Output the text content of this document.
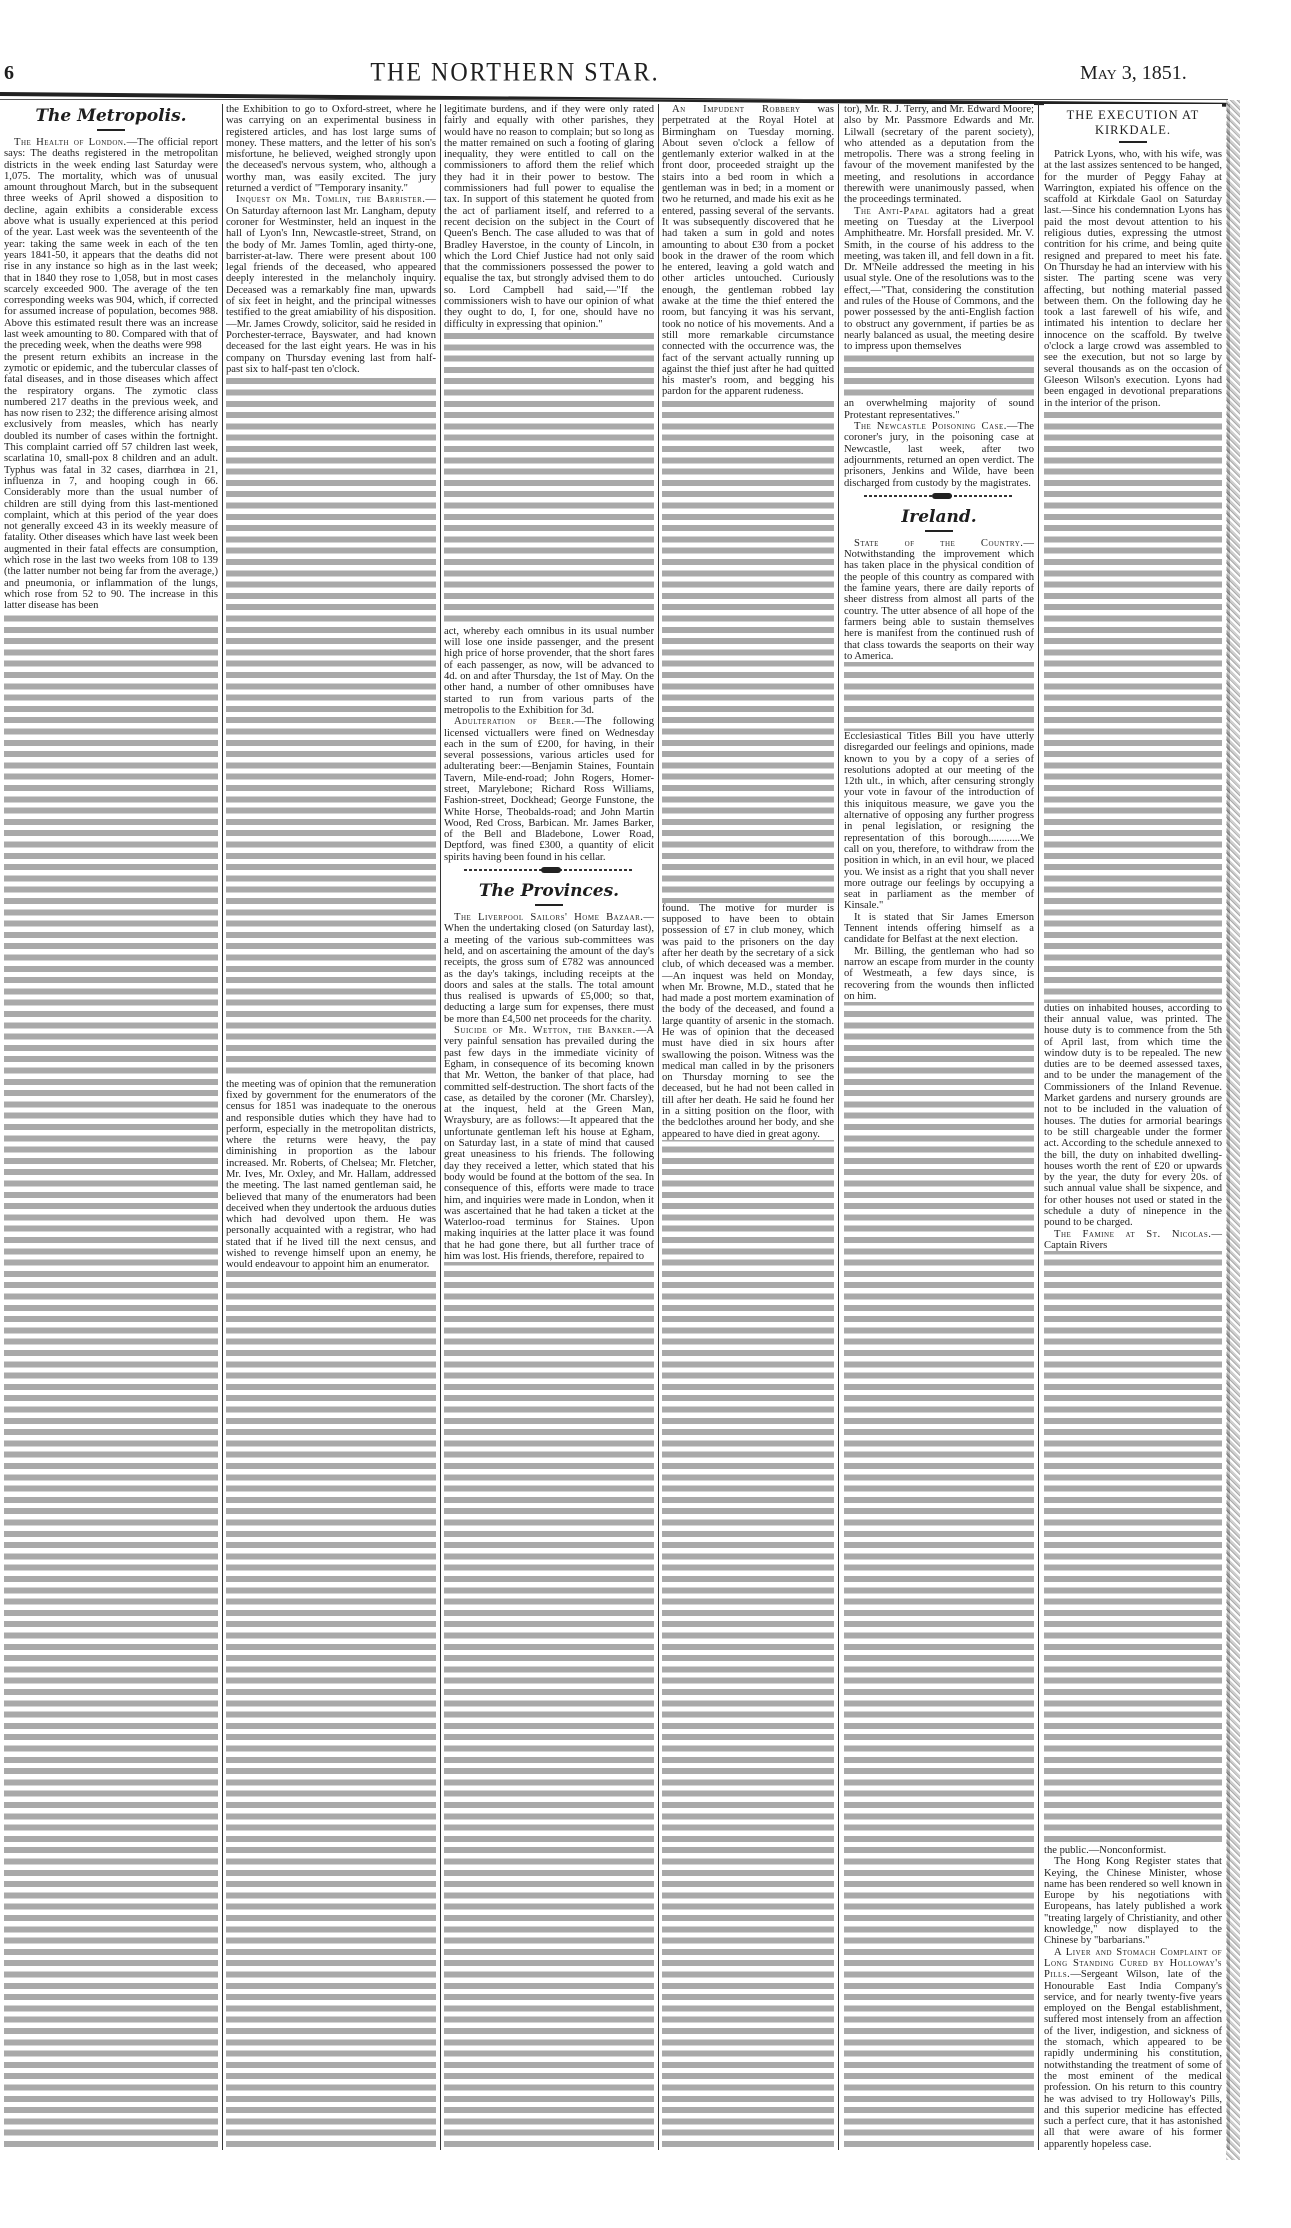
6	THE NORTHERN STAR.	May 3, 1851.
The Metropolis.

The Health of London.—The official report says: The deaths registered in the metropolitan districts in the week ending last Saturday were 1,075. The mortality, which was of unusual amount throughout March, but in the subsequent three weeks of April showed a disposition to decline, again exhibits a considerable excess above what is usually experienced at this period of the year. Last week was the seventeenth of the year: taking the same week in each of the ten years 1841-50, it appears that the deaths did not rise in any instance so high as in the last week; that in 1840 they rose to 1,058, but in most cases scarcely exceeded 900. The average of the ten corresponding weeks was 904, which, if corrected for assumed increase of population, becomes 988. Above this estimated result there was an increase last week amounting to 80. Compared with that of the preceding week, when the deaths were 998

the present return exhibits an increase in the zymotic or epidemic, and the tubercular classes of fatal diseases, and in those diseases which affect the respiratory organs. The zymotic class numbered 217 deaths in the previous week, and has now risen to 232; the difference arising almost exclusively from measles, which has nearly doubled its number of cases within the fortnight. This complaint carried off 57 children last week, scarlatina 10, small-pox 8 children and an adult. Typhus was fatal in 32 cases, diarrhœa in 21, influenza in 7, and hooping cough in 66. Considerably more than the usual number of children are still dying from this last-mentioned complaint, which at this period of the year does not generally exceed 43 in its weekly measure of fatality. Other diseases which have last week been augmented in their fatal effects are consumption, which rose in the last two weeks from 108 to 139 (the latter number not being far from the average,) and pneumonia, or inflammation of the lungs, which rose from 52 to 90. The increase in this latter disease has been

the Exhibition to go to Oxford-street, where he was carrying on an experimental business in registered articles, and has lost large sums of money. These matters, and the letter of his son's misfortune, he believed, weighed strongly upon the deceased's nervous system, who, although a worthy man, was easily excited. The jury returned a verdict of "Temporary insanity."

Inquest on Mr. Tomlin, the Barrister.—On Saturday afternoon last Mr. Langham, deputy coroner for Westminster, held an inquest in the hall of Lyon's Inn, Newcastle-street, Strand, on the body of Mr. James Tomlin, aged thirty-one, barrister-at-law. There were present about 100 legal friends of the deceased, who appeared deeply interested in the melancholy inquiry. Deceased was a remarkably fine man, upwards of six feet in height, and the principal witnesses testified to the great amiability of his disposition.—Mr. James Crowdy, solicitor, said he resided in Porchester-terrace, Bayswater, and had known deceased for the last eight years. He was in his company on Thursday evening last from half-past six to half-past ten o'clock.

the meeting was of opinion that the remuneration fixed by government for the enumerators of the census for 1851 was inadequate to the onerous and responsible duties which they have had to perform, especially in the metropolitan districts, where the returns were heavy, the pay diminishing in proportion as the labour increased. Mr. Roberts, of Chelsea; Mr. Fletcher, Mr. Ives, Mr. Oxley, and Mr. Hallam, addressed the meeting. The last named gentleman said, he believed that many of the enumerators had been deceived when they undertook the arduous duties which had devolved upon them. He was personally acquainted with a registrar, who had stated that if he lived till the next census, and wished to revenge himself upon an enemy, he would endeavour to appoint him an enumerator.

legitimate burdens, and if they were only rated fairly and equally with other parishes, they would have no reason to complain; but so long as the matter remained on such a footing of glaring inequality, they were entitled to call on the commissioners to afford them the relief which they had it in their power to bestow. The commissioners had full power to equalise the tax. In support of this statement he quoted from the act of parliament itself, and referred to a recent decision on the subject in the Court of Queen's Bench. The case alluded to was that of Bradley Haverstoe, in the county of Lincoln, in which the Lord Chief Justice had not only said that the commissioners possessed the power to equalise the tax, but strongly advised them to do so. Lord Campbell had said,—"If the commissioners wish to have our opinion of what they ought to do, I, for one, should have no difficulty in expressing that opinion."

act, whereby each omnibus in its usual number will lose one inside passenger, and the present high price of horse provender, that the short fares of each passenger, as now, will be advanced to 4d. on and after Thursday, the 1st of May. On the other hand, a number of other omnibuses have started to run from various parts of the metropolis to the Exhibition for 3d.

Adulteration of Beer.—The following licensed victuallers were fined on Wednesday each in the sum of £200, for having, in their several possessions, various articles used for adulterating beer:—Benjamin Staines, Fountain Tavern, Mile-end-road; John Rogers, Homer-street, Marylebone; Richard Ross Williams, Fashion-street, Dockhead; George Funstone, the White Horse, Theobalds-road; and John Martin Wood, Red Cross, Barbican. Mr. James Barker, of the Bell and Bladebone, Lower Road, Deptford, was fined £300, a quantity of elicit spirits having been found in his cellar.

The Provinces.

The Liverpool Sailors' Home Bazaar.—When the undertaking closed (on Saturday last), a meeting of the various sub-committees was held, and on ascertaining the amount of the day's receipts, the gross sum of £782 was announced as the day's takings, including receipts at the doors and sales at the stalls. The total amount thus realised is upwards of £5,000; so that, deducting a large sum for expenses, there must be more than £4,500 net proceeds for the charity.

Suicide of Mr. Wetton, the Banker.—A very painful sensation has prevailed during the past few days in the immediate vicinity of Egham, in consequence of its becoming known that Mr. Wetton, the banker of that place, had committed self-destruction. The short facts of the case, as detailed by the coroner (Mr. Charsley), at the inquest, held at the Green Man, Wraysbury, are as follows:—It appeared that the unfortunate gentleman left his house at Egham, on Saturday last, in a state of mind that caused great uneasiness to his friends. The following day they received a letter, which stated that his body would be found at the bottom of the sea. In consequence of this, efforts were made to trace him, and inquiries were made in London, when it was ascertained that he had taken a ticket at the Waterloo-road terminus for Staines. Upon making inquiries at the latter place it was found that he had gone there, but all further trace of him was lost. His friends, therefore, repaired to

An Impudent Robbery was perpetrated at the Royal Hotel at Birmingham on Tuesday morning. About seven o'clock a fellow of gentlemanly exterior walked in at the front door, proceeded straight up the stairs into a bed room in which a gentleman was in bed; in a moment or two he returned, and made his exit as he entered, passing several of the servants. It was subsequently discovered that he had taken a sum in gold and notes amounting to about £30 from a pocket book in the drawer of the room which he entered, leaving a gold watch and other articles untouched. Curiously enough, the gentleman robbed lay awake at the time the thief entered the room, but fancying it was his servant, took no notice of his movements. And a still more remarkable circumstance connected with the occurrence was, the fact of the servant actually running up against the thief just after he had quitted his master's room, and begging his pardon for the apparent rudeness.

found. The motive for murder is supposed to have been to obtain possession of £7 in club money, which was paid to the prisoners on the day after her death by the secretary of a sick club, of which deceased was a member.—An inquest was held on Monday, when Mr. Browne, M.D., stated that he had made a post mortem examination of the body of the deceased, and found a large quantity of arsenic in the stomach. He was of opinion that the deceased must have died in six hours after swallowing the poison. Witness was the medical man called in by the prisoners on Thursday morning to see the deceased, but he had not been called in till after her death. He said he found her in a sitting position on the floor, with the bedclothes around her body, and she appeared to have died in great agony.

tor), Mr. R. J. Terry, and Mr. Edward Moore; also by Mr. Passmore Edwards and Mr. Lilwall (secretary of the parent society), who attended as a deputation from the metropolis. There was a strong feeling in favour of the movement manifested by the meeting, and resolutions in accordance therewith were unanimously passed, when the proceedings terminated.

The Anti-Papal agitators had a great meeting on Tuesday at the Liverpool Amphitheatre. Mr. Horsfall presided. Mr. V. Smith, in the course of his address to the meeting, was taken ill, and fell down in a fit. Dr. M'Neile addressed the meeting in his usual style. One of the resolutions was to the effect,—"That, considering the constitution and rules of the House of Commons, and the power possessed by the anti-English faction to obstruct any government, if parties be as nearly balanced as usual, the meeting desire to impress upon themselves

an overwhelming majority of sound Protestant representatives."

The Newcastle Poisoning Case.—The coroner's jury, in the poisoning case at Newcastle, last week, after two adjournments, returned an open verdict. The prisoners, Jenkins and Wilde, have been discharged from custody by the magistrates.

Ireland.

State of the Country.—Notwithstanding the improvement which has taken place in the physical condition of the people of this country as compared with the famine years, there are daily reports of sheer distress from almost all parts of the country. The utter absence of all hope of the farmers being able to sustain themselves here is manifest from the continued rush of that class towards the seaports on their way to America.

Ecclesiastical Titles Bill you have utterly disregarded our feelings and opinions, made known to you by a copy of a series of resolutions adopted at our meeting of the 12th ult., in which, after censuring strongly your vote in favour of the introduction of this iniquitous measure, we gave you the alternative of opposing any further progress in penal legislation, or resigning the representation of this borough............We call on you, therefore, to withdraw from the position in which, in an evil hour, we placed you. We insist as a right that you shall never more outrage our feelings by occupying a seat in parliament as the member of Kinsale."

It is stated that Sir James Emerson Tennent intends offering himself as a candidate for Belfast at the next election.

Mr. Billing, the gentleman who had so narrow an escape from murder in the county of Westmeath, a few days since, is recovering from the wounds then inflicted on him.

THE EXECUTION AT KIRKDALE.

Patrick Lyons, who, with his wife, was at the last assizes sentenced to be hanged, for the murder of Peggy Fahay at Warrington, expiated his offence on the scaffold at Kirkdale Gaol on Saturday last.—Since his condemnation Lyons has paid the most devout attention to his religious duties, expressing the utmost contrition for his crime, and being quite resigned and prepared to meet his fate. On Thursday he had an interview with his sister. The parting scene was very affecting, but nothing material passed between them. On the following day he took a last farewell of his wife, and intimated his intention to declare her innocence on the scaffold. By twelve o'clock a large crowd was assembled to see the execution, but not so large by several thousands as on the occasion of Gleeson Wilson's execution. Lyons had been engaged in devotional preparations in the interior of the prison.

duties on inhabited houses, according to their annual value, was printed. The house duty is to commence from the 5th of April last, from which time the window duty is to be repealed. The new duties are to be deemed assessed taxes, and to be under the management of the Commissioners of the Inland Revenue. Market gardens and nursery grounds are not to be included in the valuation of houses. The duties for armorial bearings to be still chargeable under the former act. According to the schedule annexed to the bill, the duty on inhabited dwelling-houses worth the rent of £20 or upwards by the year, the duty for every 20s. of such annual value shall be sixpence, and for other houses not used or stated in the schedule a duty of ninepence in the pound to be charged.

The Famine at St. Nicolas.—Captain Rivers

the public.—Nonconformist.

The Hong Kong Register states that Keying, the Chinese Minister, whose name has been rendered so well known in Europe by his negotiations with Europeans, has lately published a work "treating largely of Christianity, and other knowledge," now displayed to the Chinese by "barbarians."

A Liver and Stomach Complaint of Long Standing Cured by Holloway's Pills.—Sergeant Wilson, late of the Honourable East India Company's service, and for nearly twenty-five years employed on the Bengal establishment, suffered most intensely from an affection of the liver, indigestion, and sickness of the stomach, which appeared to be rapidly undermining his constitution, notwithstanding the treatment of some of the most eminent of the medical profession. On his return to this country he was advised to try Holloway's Pills, and this superior medicine has effected such a perfect cure, that it has astonished all that were aware of his former apparently hopeless case.
